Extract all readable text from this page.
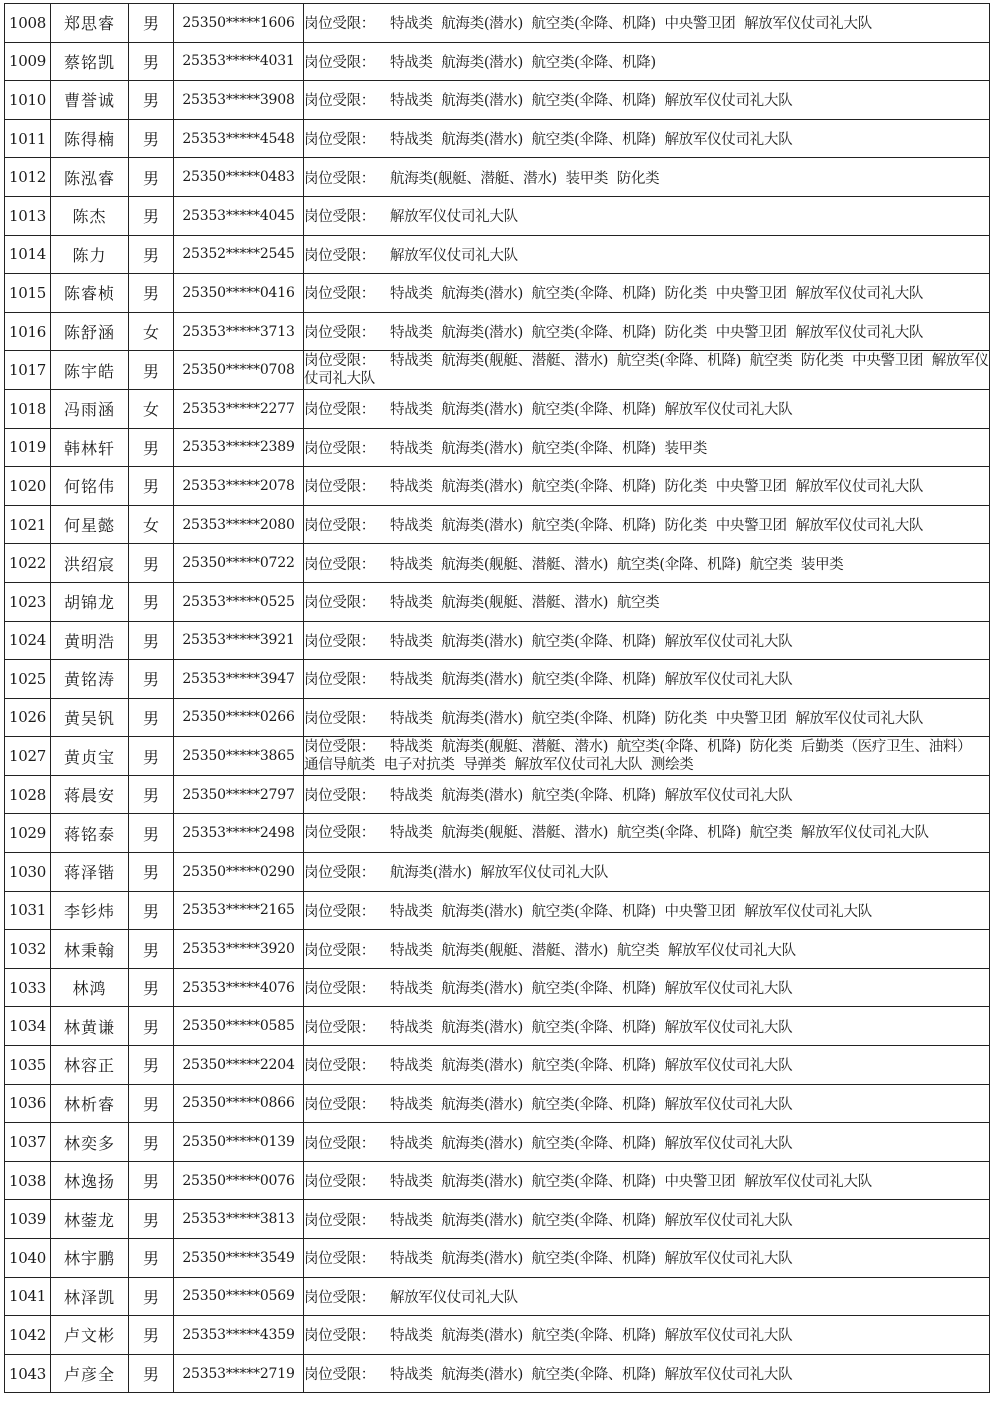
1008	郑思睿	男	25350*****1606	岗位受限： 特战类  航海类(潜水)  航空类(伞降、机降)  中央警卫团  解放军仪仗司礼大队
1009	蔡铭凯	男	25353*****4031	岗位受限： 特战类  航海类(潜水)  航空类(伞降、机降)
1010	曹誉诚	男	25353*****3908	岗位受限： 特战类  航海类(潜水)  航空类(伞降、机降)  解放军仪仗司礼大队
1011	陈得楠	男	25353*****4548	岗位受限： 特战类  航海类(潜水)  航空类(伞降、机降)  解放军仪仗司礼大队
1012	陈泓睿	男	25350*****0483	岗位受限： 航海类(舰艇、潜艇、潜水)  装甲类  防化类
1013	陈杰	男	25353*****4045	岗位受限： 解放军仪仗司礼大队
1014	陈力	男	25352*****2545	岗位受限： 解放军仪仗司礼大队
1015	陈睿桢	男	25350*****0416	岗位受限： 特战类  航海类(潜水)  航空类(伞降、机降)  防化类  中央警卫团  解放军仪仗司礼大队
1016	陈舒涵	女	25353*****3713	岗位受限： 特战类  航海类(潜水)  航空类(伞降、机降)  防化类  中央警卫团  解放军仪仗司礼大队
1017	陈宇皓	男	25350*****0708	岗位受限： 特战类  航海类(舰艇、潜艇、潜水)  航空类(伞降、机降)  航空类  防化类  中央警卫团  解放军仪仗司礼大队
1018	冯雨涵	女	25353*****2277	岗位受限： 特战类  航海类(潜水)  航空类(伞降、机降)  解放军仪仗司礼大队
1019	韩林轩	男	25353*****2389	岗位受限： 特战类  航海类(潜水)  航空类(伞降、机降)  装甲类
1020	何铭伟	男	25353*****2078	岗位受限： 特战类  航海类(潜水)  航空类(伞降、机降)  防化类  中央警卫团  解放军仪仗司礼大队
1021	何星懿	女	25353*****2080	岗位受限： 特战类  航海类(潜水)  航空类(伞降、机降)  防化类  中央警卫团  解放军仪仗司礼大队
1022	洪绍宸	男	25350*****0722	岗位受限： 特战类  航海类(舰艇、潜艇、潜水)  航空类(伞降、机降)  航空类  装甲类
1023	胡锦龙	男	25353*****0525	岗位受限： 特战类  航海类(舰艇、潜艇、潜水)  航空类
1024	黄明浩	男	25353*****3921	岗位受限： 特战类  航海类(潜水)  航空类(伞降、机降)  解放军仪仗司礼大队
1025	黄铭涛	男	25353*****3947	岗位受限： 特战类  航海类(潜水)  航空类(伞降、机降)  解放军仪仗司礼大队
1026	黄吴钒	男	25350*****0266	岗位受限： 特战类  航海类(潜水)  航空类(伞降、机降)  防化类  中央警卫团  解放军仪仗司礼大队
1027	黄贞宝	男	25350*****3865	岗位受限： 特战类  航海类(舰艇、潜艇、潜水)  航空类(伞降、机降)  防化类  后勤类（医疗卫生、油料）  通信导航类  电子对抗类  导弹类  解放军仪仗司礼大队  测绘类
1028	蒋晨安	男	25350*****2797	岗位受限： 特战类  航海类(潜水)  航空类(伞降、机降)  解放军仪仗司礼大队
1029	蒋铭泰	男	25353*****2498	岗位受限： 特战类  航海类(舰艇、潜艇、潜水)  航空类(伞降、机降)  航空类  解放军仪仗司礼大队
1030	蒋泽锴	男	25350*****0290	岗位受限： 航海类(潜水)  解放军仪仗司礼大队
1031	李钐炜	男	25353*****2165	岗位受限： 特战类  航海类(潜水)  航空类(伞降、机降)  中央警卫团  解放军仪仗司礼大队
1032	林秉翰	男	25353*****3920	岗位受限： 特战类  航海类(舰艇、潜艇、潜水)  航空类  解放军仪仗司礼大队
1033	林鸿	男	25353*****4076	岗位受限： 特战类  航海类(潜水)  航空类(伞降、机降)  解放军仪仗司礼大队
1034	林黄谦	男	25350*****0585	岗位受限： 特战类  航海类(潜水)  航空类(伞降、机降)  解放军仪仗司礼大队
1035	林容正	男	25350*****2204	岗位受限： 特战类  航海类(潜水)  航空类(伞降、机降)  解放军仪仗司礼大队
1036	林析睿	男	25350*****0866	岗位受限： 特战类  航海类(潜水)  航空类(伞降、机降)  解放军仪仗司礼大队
1037	林奕多	男	25350*****0139	岗位受限： 特战类  航海类(潜水)  航空类(伞降、机降)  解放军仪仗司礼大队
1038	林逸扬	男	25350*****0076	岗位受限： 特战类  航海类(潜水)  航空类(伞降、机降)  中央警卫团  解放军仪仗司礼大队
1039	林蓥龙	男	25353*****3813	岗位受限： 特战类  航海类(潜水)  航空类(伞降、机降)  解放军仪仗司礼大队
1040	林宇鹏	男	25350*****3549	岗位受限： 特战类  航海类(潜水)  航空类(伞降、机降)  解放军仪仗司礼大队
1041	林泽凯	男	25350*****0569	岗位受限： 解放军仪仗司礼大队
1042	卢文彬	男	25353*****4359	岗位受限： 特战类  航海类(潜水)  航空类(伞降、机降)  解放军仪仗司礼大队
1043	卢彦全	男	25353*****2719	岗位受限： 特战类  航海类(潜水)  航空类(伞降、机降)  解放军仪仗司礼大队
